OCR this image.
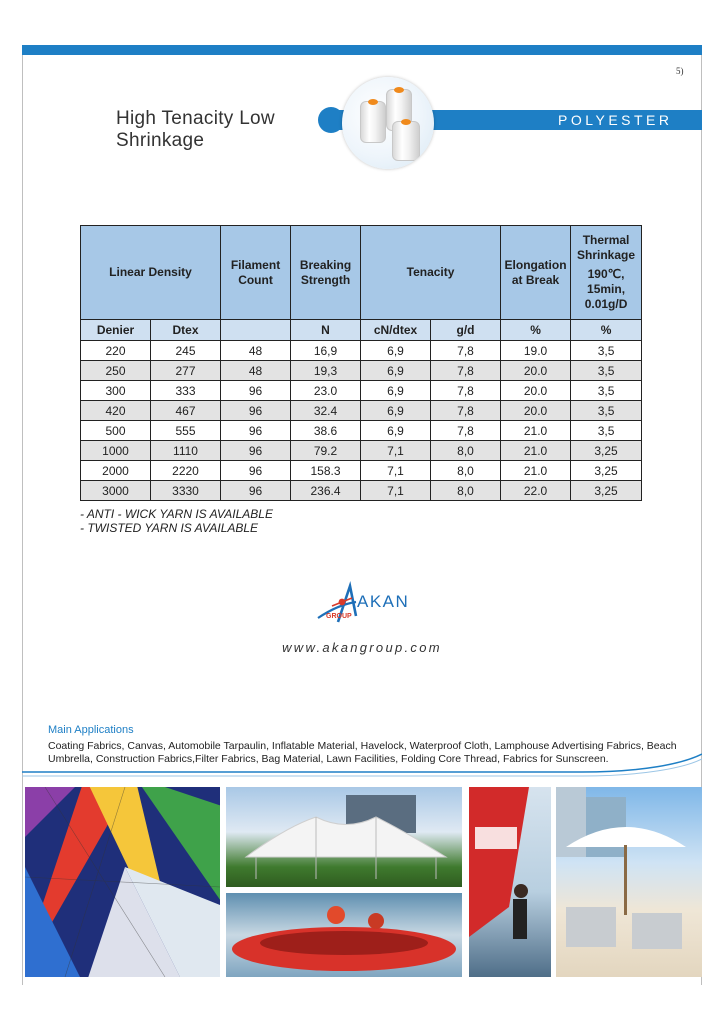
5)
High Tenacity Low
Shrinkage
POLYESTER
Linear Density		Filament Count	Breaking Strength	Tenacity		Elongation at Break	Thermal Shrinkage
190℃, 15min, 0.01g/D

Denier	Dtex		N	cN/dtex	g/d	%	%
220	245	48	16,9	6,9	7,8	19.0	3,5
250	277	48	19,3	6,9	7,8	20.0	3,5
300	333	96	23.0	6,9	7,8	20.0	3,5
420	467	96	32.4	6,9	7,8	20.0	3,5
500	555	96	38.6	6,9	7,8	21.0	3,5
1000	1110	96	79.2	7,1	8,0	21.0	3,25
2000	2220	96	158.3	7,1	8,0	21.0	3,25
3000	3330	96	236.4	7,1	8,0	22.0	3,25
- ANTI - WICK YARN IS AVAILABLE
- TWISTED YARN IS AVAILABLE
AKAN
GROUP
www.akangroup.com
Main Applications
Coating Fabrics, Canvas, Automobile Tarpaulin, Inflatable Material, Havelock, Waterproof Cloth, Lamphouse Advertising Fabrics, Beach Umbrella, Construction Fabrics,Filter Fabrics, Bag Material, Lawn Facilities, Folding Core Thread, Fabrics for Sunscreen.
